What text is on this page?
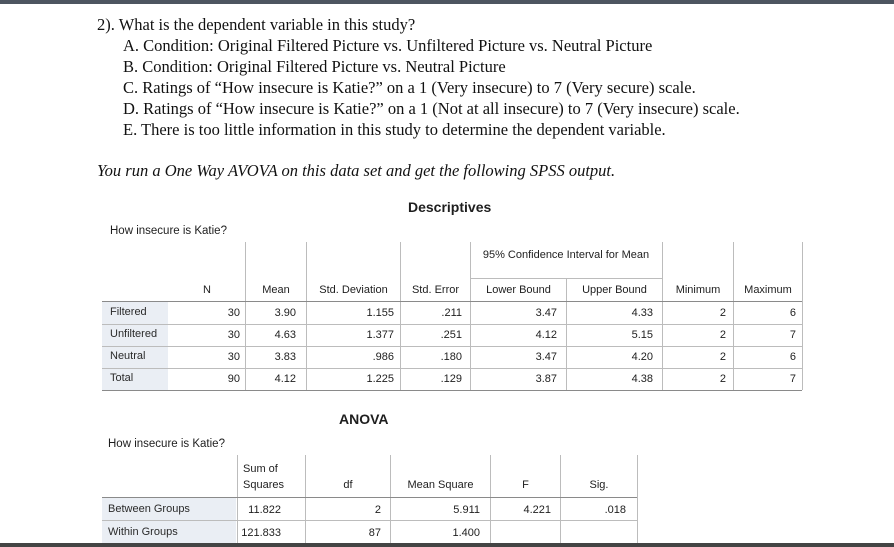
2). What is the dependent variable in this study?
A. Condition: Original Filtered Picture vs. Unfiltered Picture vs. Neutral Picture
B. Condition: Original Filtered Picture vs. Neutral Picture
C. Ratings of “How insecure is Katie?” on a 1 (Very insecure) to 7 (Very secure) scale.
D. Ratings of “How insecure is Katie?” on a 1 (Not at all insecure) to 7 (Very insecure) scale.
E. There is too little information in this study to determine the dependent variable.
You run a One Way AVOVA on this data set and get the following SPSS output.
Descriptives
How insecure is Katie?
95% Confidence Interval for Mean
N	Mean	Std. Deviation	Std. Error	Lower Bound	Upper Bound	Minimum	Maximum
Filtered	30	3.90	1.155	.211	3.47	4.33	2	6
Unfiltered	30	4.63	1.377	.251	4.12	5.15	2	7
Neutral	30	3.83	.986	.180	3.47	4.20	2	6
Total	90	4.12	1.225	.129	3.87	4.38	2	7
ANOVA
How insecure is Katie?
Sum of Squares	df	Mean Square	F	Sig.
Between Groups	11.822	2	5.911	4.221	.018
Within Groups	121.833	87	1.400
